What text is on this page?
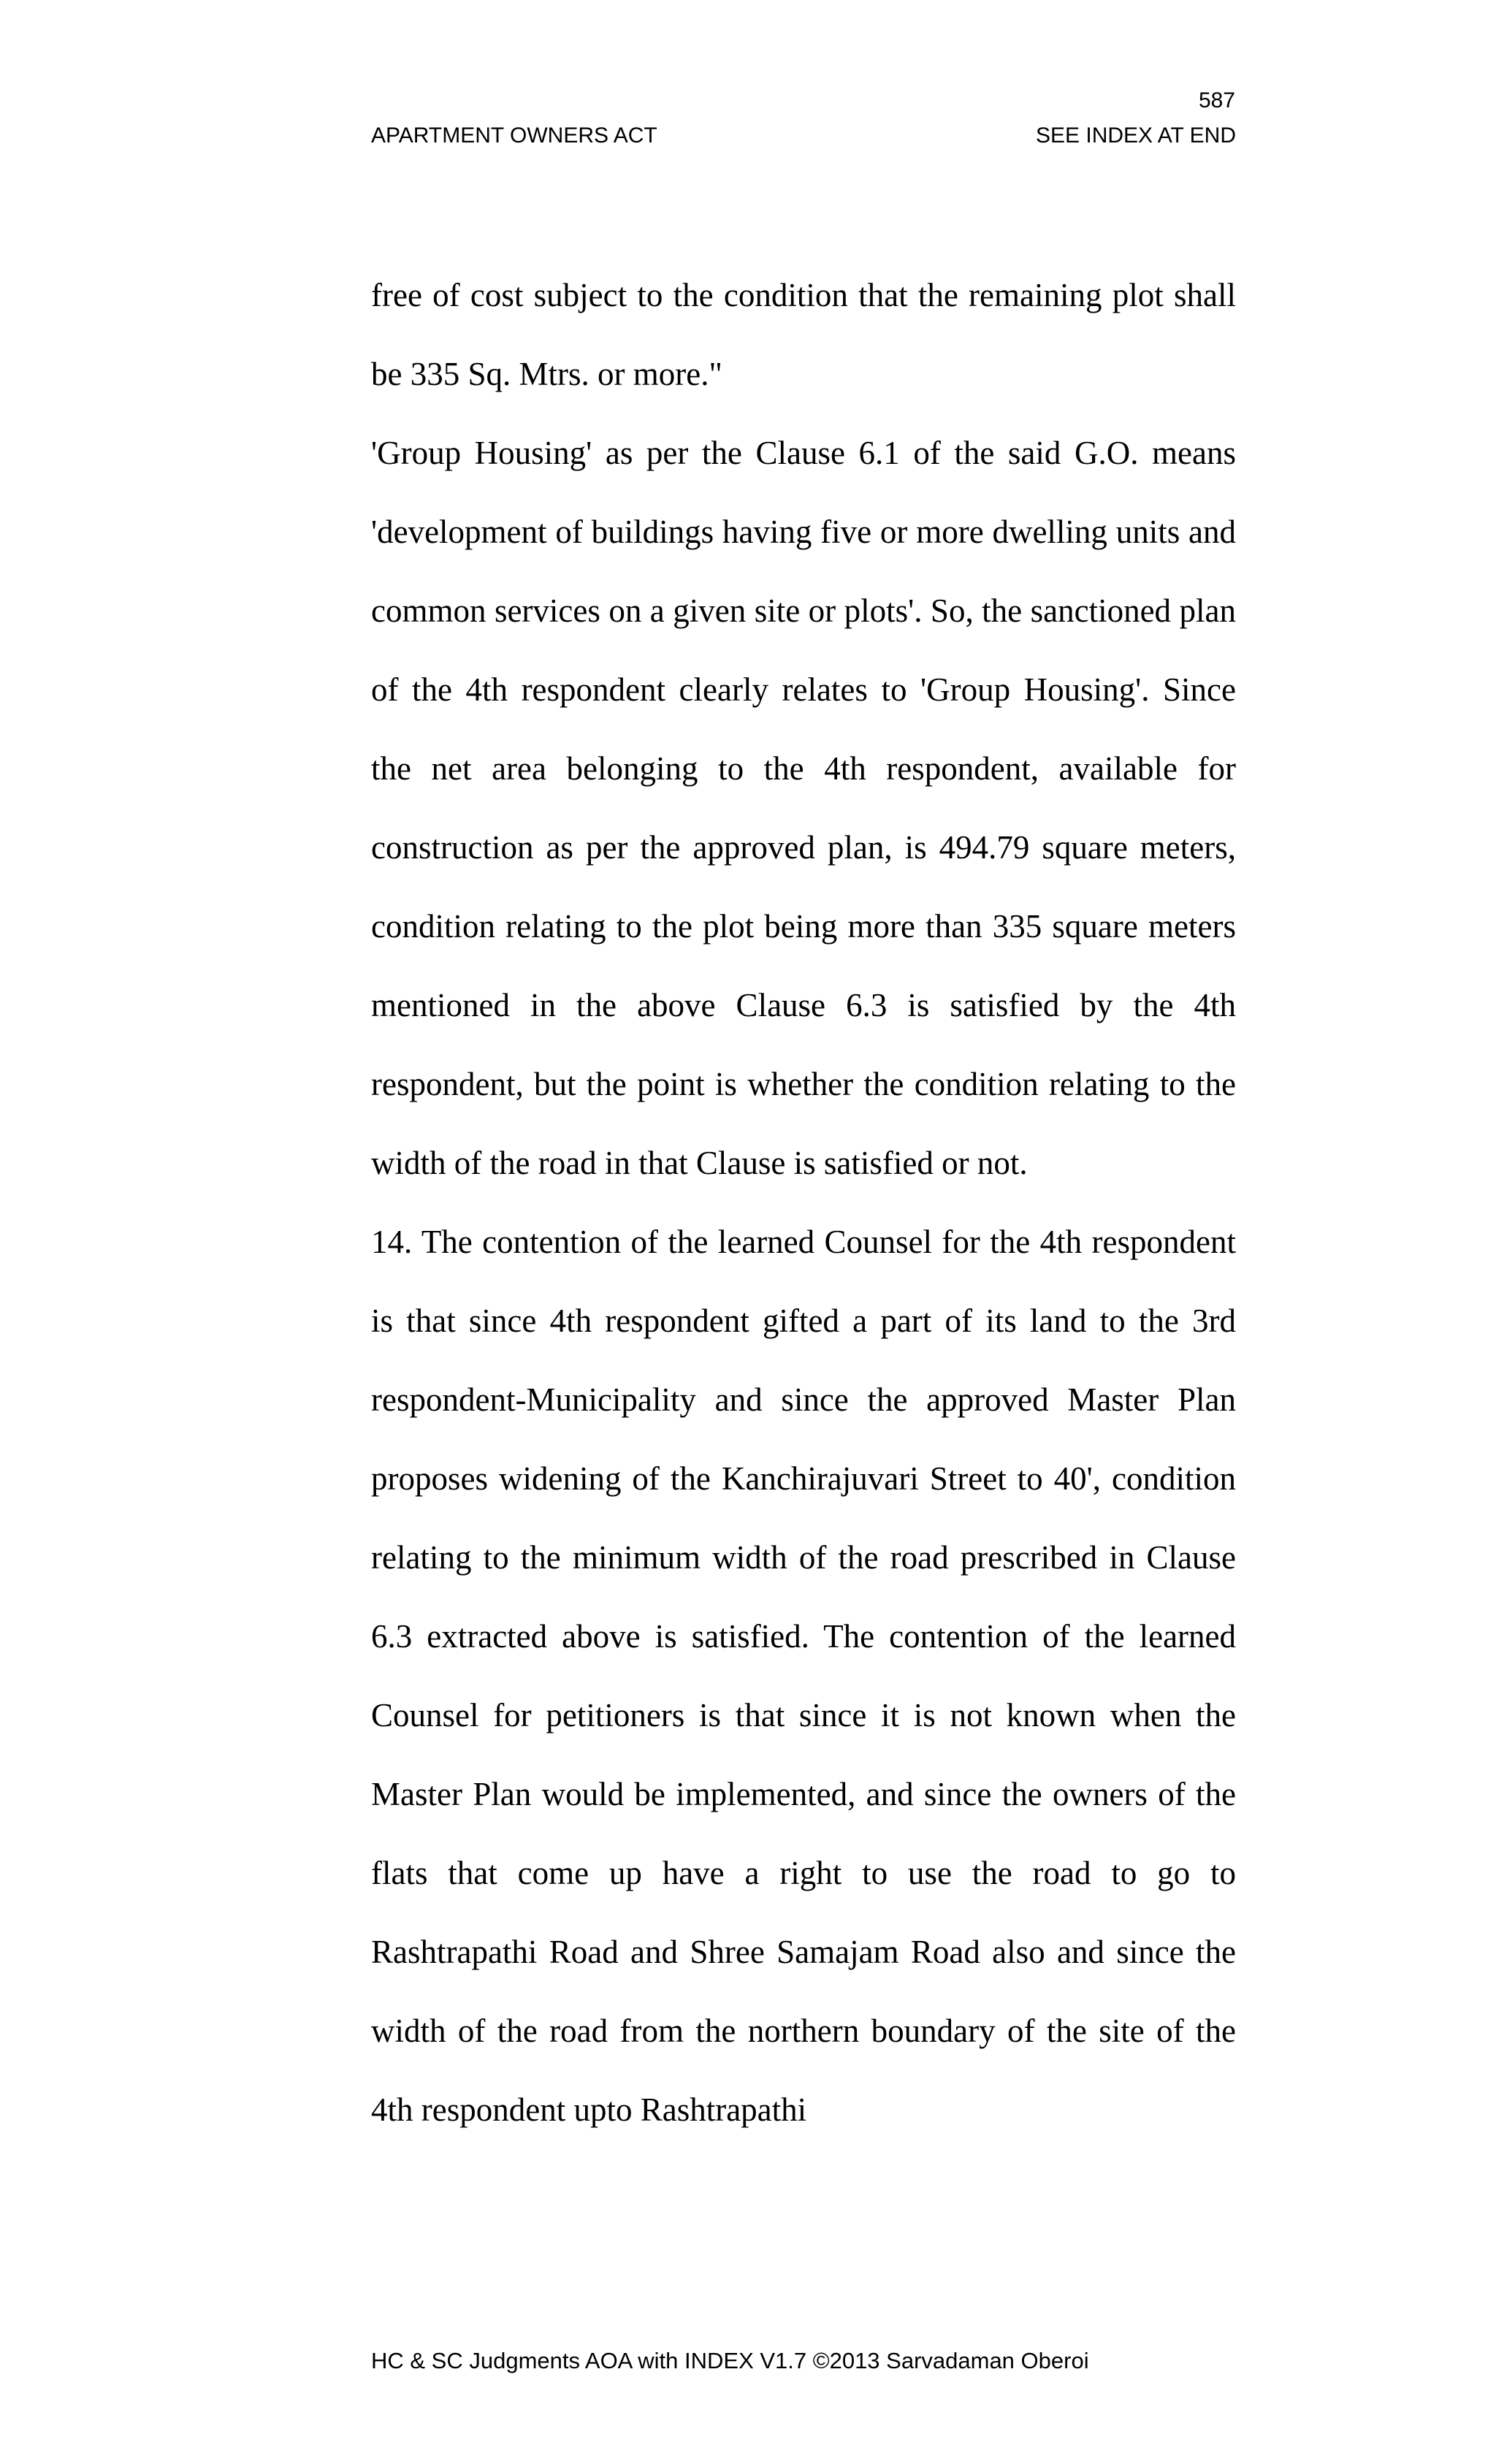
587
APARTMENT OWNERS ACT	SEE INDEX AT END

free of cost subject to the condition that the remaining plot shall be 335 Sq. Mtrs. or more."

'Group Housing' as per the Clause 6.1 of the said G.O. means 'development of buildings having five or more dwelling units and common services on a given site or plots'. So, the sanctioned plan of the 4th respondent clearly relates to 'Group Housing'. Since the net area belonging to the 4th respondent, available for construction as per the approved plan, is 494.79 square meters, condition relating to the plot being more than 335 square meters mentioned in the above Clause 6.3 is satisfied by the 4th respondent, but the point is whether the condition relating to the width of the road in that Clause is satisfied or not.

14. The contention of the learned Counsel for the 4th respondent is that since 4th respondent gifted a part of its land to the 3rd respondent-Municipality and since the approved Master Plan proposes widening of the Kanchirajuvari Street to 40', condition relating to the minimum width of the road prescribed in Clause 6.3 extracted above is satisfied. The contention of the learned Counsel for petitioners is that since it is not known when the Master Plan would be implemented, and since the owners of the flats that come up have a right to use the road to go to Rashtrapathi Road and Shree Samajam Road also and since the width of the road from the northern boundary of the site of the 4th respondent upto Rashtrapathi

HC & SC Judgments AOA with INDEX V1.7 ©2013 Sarvadaman Oberoi
